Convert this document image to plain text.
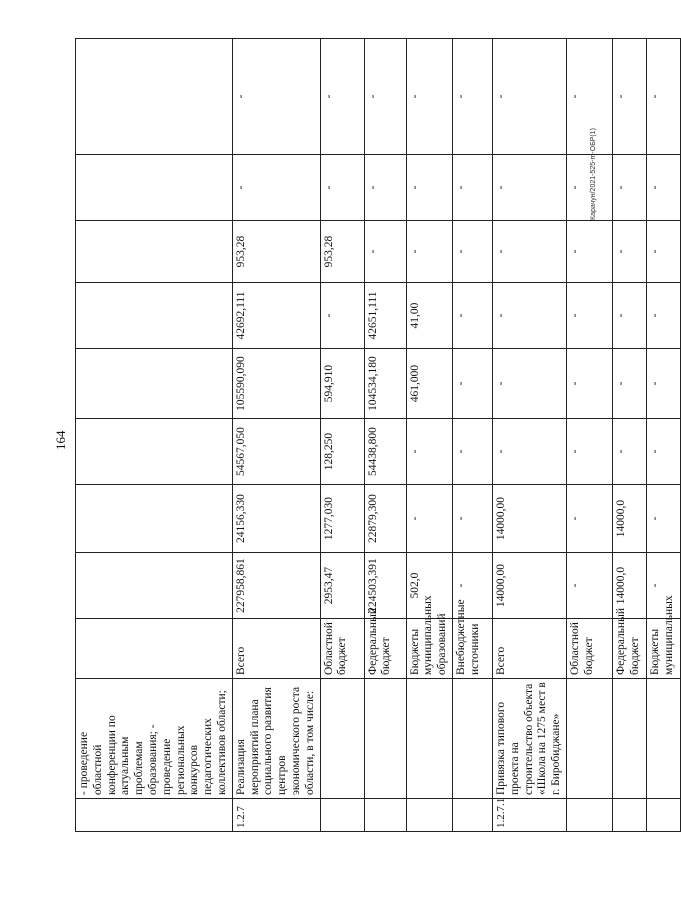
164
Карачун/2021-525-m-ОБР(1)
	- проведение областной конференции по актуальным проблемам образования; - проведение региональных конкурсов педагогических коллективов области;									
1.2.7	Реализация мероприятий плана социального развития центров экономического роста области, в том числе:	Всего	227958,861	24156,330	54567,050	105590,090	42692,111	953,28	-	-
		Областной бюджет	2953,47	1277,030	128,250	594,910	-	953,28	-	-
		Федеральный бюджет	224503,391	22879,300	54438,800	104534,180	42651,111	-	-	-
		Бюджеты муниципальных образований	502,0	-	-	461,000	41,00	-	-	-
		Внебюджетные источники	-	-	-	-	-	-	-	-
1.2.7.1	Привязка типового проекта на строительство объекта «Школа на 1275 мест в г. Биробиджане»	Всего	14000,00	14000,00	-	-	-	-	-	-
		Областной бюджет	-	-	-	-	-	-	-	-
		Федеральный бюджет	14000,0	14000,0	-	-	-	-	-	-
		Бюджеты муниципальных	-	-	-	-	-	-	-	-
